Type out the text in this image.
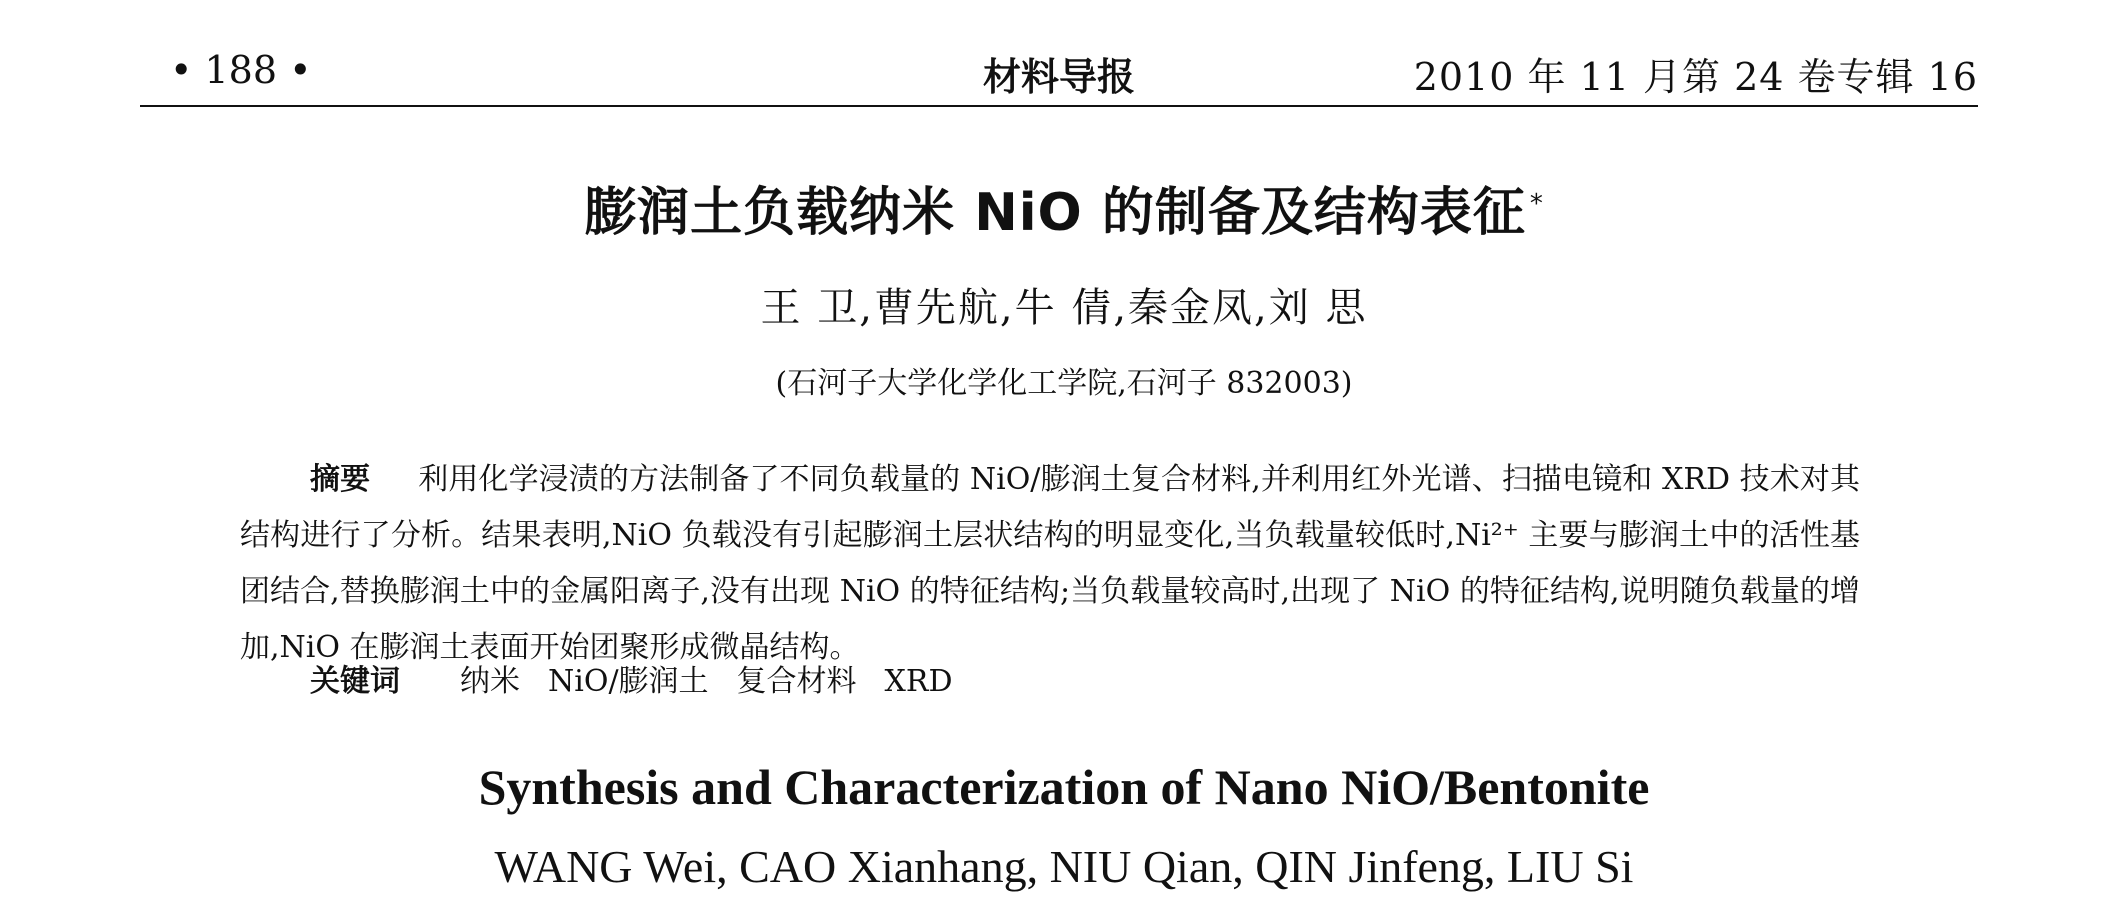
• 188 •	材料导报	2010 年 11 月第 24 卷专辑 16
膨润土负载纳米 NiO 的制备及结构表征 *
王 卫,曹先航,牛 倩,秦金凤,刘 思
(石河子大学化学化工学院,石河子 832003)

摘要 利用化学浸渍的方法制备了不同负载量的 NiO/膨润土复合材料,并利用红外光谱、扫描电镜和 XRD 技术对其结构进行了分析。结果表明,NiO 负载没有引起膨润土层状结构的明显变化,当负载量较低时,Ni²⁺ 主要与膨润土中的活性基团结合,替换膨润土中的金属阳离子,没有出现 NiO 的特征结构;当负载量较高时,出现了 NiO 的特征结构,说明随负载量的增加,NiO 在膨润土表面开始团聚形成微晶结构。

关键词 纳米 NiO/膨润土 复合材料 XRD
Synthesis and Characterization of Nano NiO/Bentonite
WANG Wei, CAO Xianhang, NIU Qian, QIN Jinfeng, LIU Si
